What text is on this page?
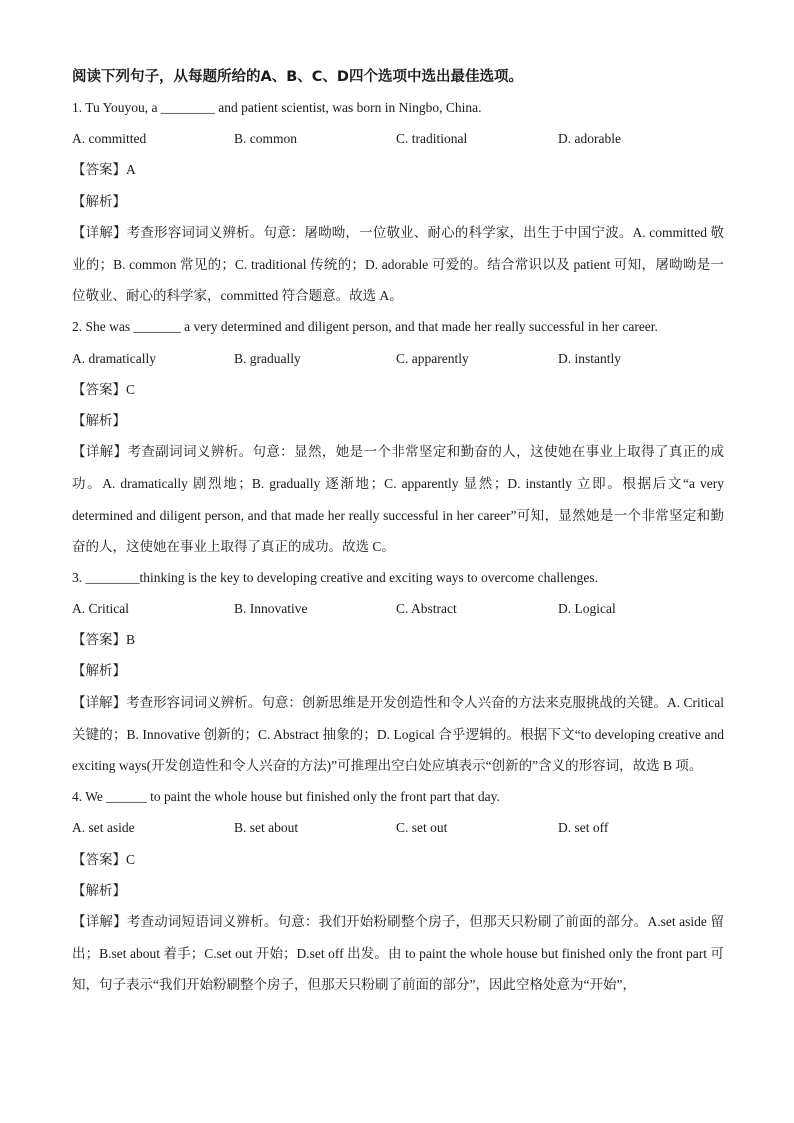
阅读下列句子，从每题所给的A、B、C、D四个选项中选出最佳选项。
1. Tu Youyou, a ________ and patient scientist, was born in Ningbo, China.
A. committed	B. common	C. traditional	D. adorable
【答案】A
【解析】
【详解】考查形容词词义辨析。句意：屠呦呦，一位敬业、耐心的科学家，出生于中国宁波。A. committed 敬业的；B. common 常见的；C. traditional 传统的；D. adorable 可爱的。结合常识以及 patient 可知，屠呦呦是一位敬业、耐心的科学家，committed 符合题意。故选 A。
2. She was _______ a very determined and diligent person, and that made her really successful in her career.
A. dramatically	B. gradually	C. apparently	D. instantly
【答案】C
【解析】
【详解】考查副词词义辨析。句意：显然，她是一个非常坚定和勤奋的人，这使她在事业上取得了真正的成功。A. dramatically 剧烈地；B. gradually 逐渐地；C. apparently 显然；D. instantly 立即。根据后文“a very determined and diligent person, and that made her really successful in her career”可知，显然她是一个非常坚定和勤奋的人，这使她在事业上取得了真正的成功。故选 C。
3. ________thinking is the key to developing creative and exciting ways to overcome challenges.
A. Critical	B. Innovative	C. Abstract	D. Logical
【答案】B
【解析】
【详解】考查形容词词义辨析。句意：创新思维是开发创造性和令人兴奋的方法来克服挑战的关键。A. Critical 关键的；B. Innovative 创新的；C. Abstract 抽象的；D. Logical 合乎逻辑的。根据下文“to developing creative and exciting ways(开发创造性和令人兴奋的方法)”可推理出空白处应填表示“创新的”含义的形容词，故选 B 项。
4. We ______ to paint the whole house but finished only the front part that day.
A. set aside	B. set about	C. set out	D. set off
【答案】C
【解析】
【详解】考查动词短语词义辨析。句意：我们开始粉刷整个房子，但那天只粉刷了前面的部分。A.set aside 留出；B.set about 着手；C.set out 开始；D.set off 出发。由 to paint the whole house but finished only the front part 可知，句子表示“我们开始粉刷整个房子，但那天只粉刷了前面的部分”，因此空格处意为“开始”，
